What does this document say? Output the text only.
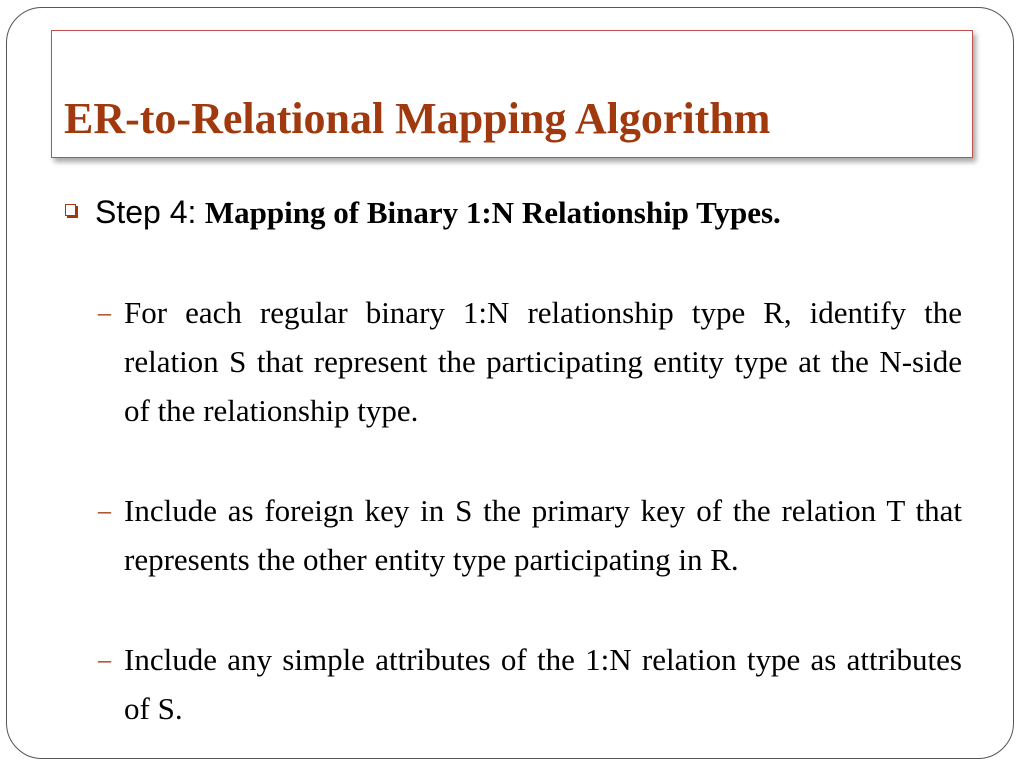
ER-to-Relational Mapping Algorithm
Step 4: Mapping of Binary 1:N Relationship Types.
– For each regular binary 1:N relationship type R, identify the relation S that represent the participating entity type at the N-side of the relationship type.
– Include as foreign key in S the primary key of the relation T that represents the other entity type participating in R.
– Include any simple attributes of the 1:N relation type as attributes of S.
